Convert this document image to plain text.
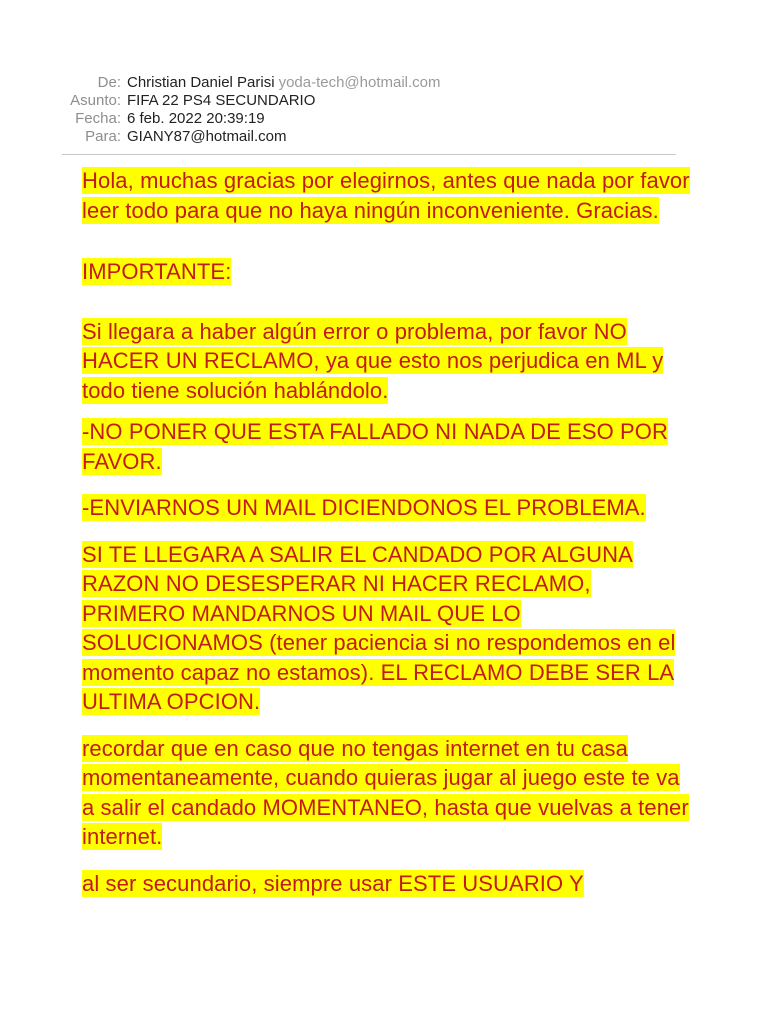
De: Christian Daniel Parisi yoda-tech@hotmail.com
Asunto: FIFA 22 PS4 SECUNDARIO
Fecha: 6 feb. 2022 20:39:19
Para: GIANY87@hotmail.com

Hola, muchas gracias por elegirnos, antes que nada por favor leer todo para que no haya ningún inconveniente. Gracias.

IMPORTANTE:

Si llegara a haber algún error o problema, por favor NO HACER UN RECLAMO, ya que esto nos perjudica en ML y todo tiene solución hablándolo.

-NO PONER QUE ESTA FALLADO NI NADA DE ESO POR FAVOR.

-ENVIARNOS UN MAIL DICIENDONOS EL PROBLEMA.

SI TE LLEGARA A SALIR EL CANDADO POR ALGUNA RAZON NO DESESPERAR NI HACER RECLAMO, PRIMERO MANDARNOS UN MAIL QUE LO SOLUCIONAMOS (tener paciencia si no respondemos en el momento capaz no estamos). EL RECLAMO DEBE SER LA ULTIMA OPCION.

recordar que en caso que no tengas internet en tu casa momentaneamente, cuando quieras jugar al juego este te va a salir el candado MOMENTANEO, hasta que vuelvas a tener internet.

al ser secundario, siempre usar ESTE USUARIO Y
